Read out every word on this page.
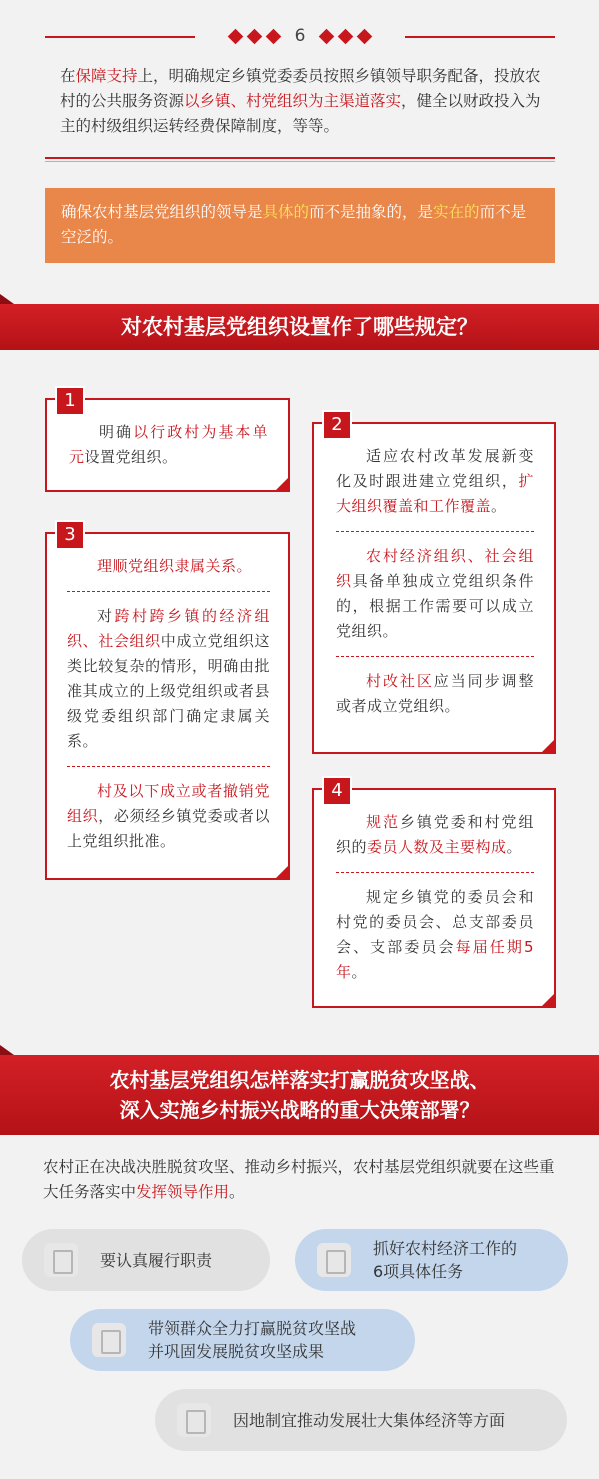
6
在保障支持上，明确规定乡镇党委委员按照乡镇领导职务配备，投放农村的公共服务资源以乡镇、村党组织为主渠道落实，健全以财政投入为主的村级组织运转经费保障制度，等等。
确保农村基层党组织的领导是具体的而不是抽象的，是实在的而不是空泛的。
对农村基层党组织设置作了哪些规定？
1

明确以行政村为基本单元设置党组织。

2

适应农村改革发展新变化及时跟进建立党组织，扩大组织覆盖和工作覆盖。

农村经济组织、社会组织具备单独成立党组织条件的，根据工作需要可以成立党组织。

村改社区应当同步调整或者成立党组织。

3

理顺党组织隶属关系。

对跨村跨乡镇的经济组织、社会组织中成立党组织这类比较复杂的情形，明确由批准其成立的上级党组织或者县级党委组织部门确定隶属关系。

村及以下成立或者撤销党组织，必须经乡镇党委或者以上党组织批准。

4

规范乡镇党委和村党组织的委员人数及主要构成。

规定乡镇党的委员会和村党的委员会、总支部委员会、支部委员会每届任期5年。

农村基层党组织怎样落实打赢脱贫攻坚战、
深入实施乡村振兴战略的重大决策部署？
农村正在决战决胜脱贫攻坚、推动乡村振兴，农村基层党组织就要在这些重大任务落实中发挥领导作用。
要认真履行职责
抓好农村经济工作的
6项具体任务
带领群众全力打赢脱贫攻坚战
并巩固发展脱贫攻坚成果
因地制宜推动发展壮大集体经济等方面
